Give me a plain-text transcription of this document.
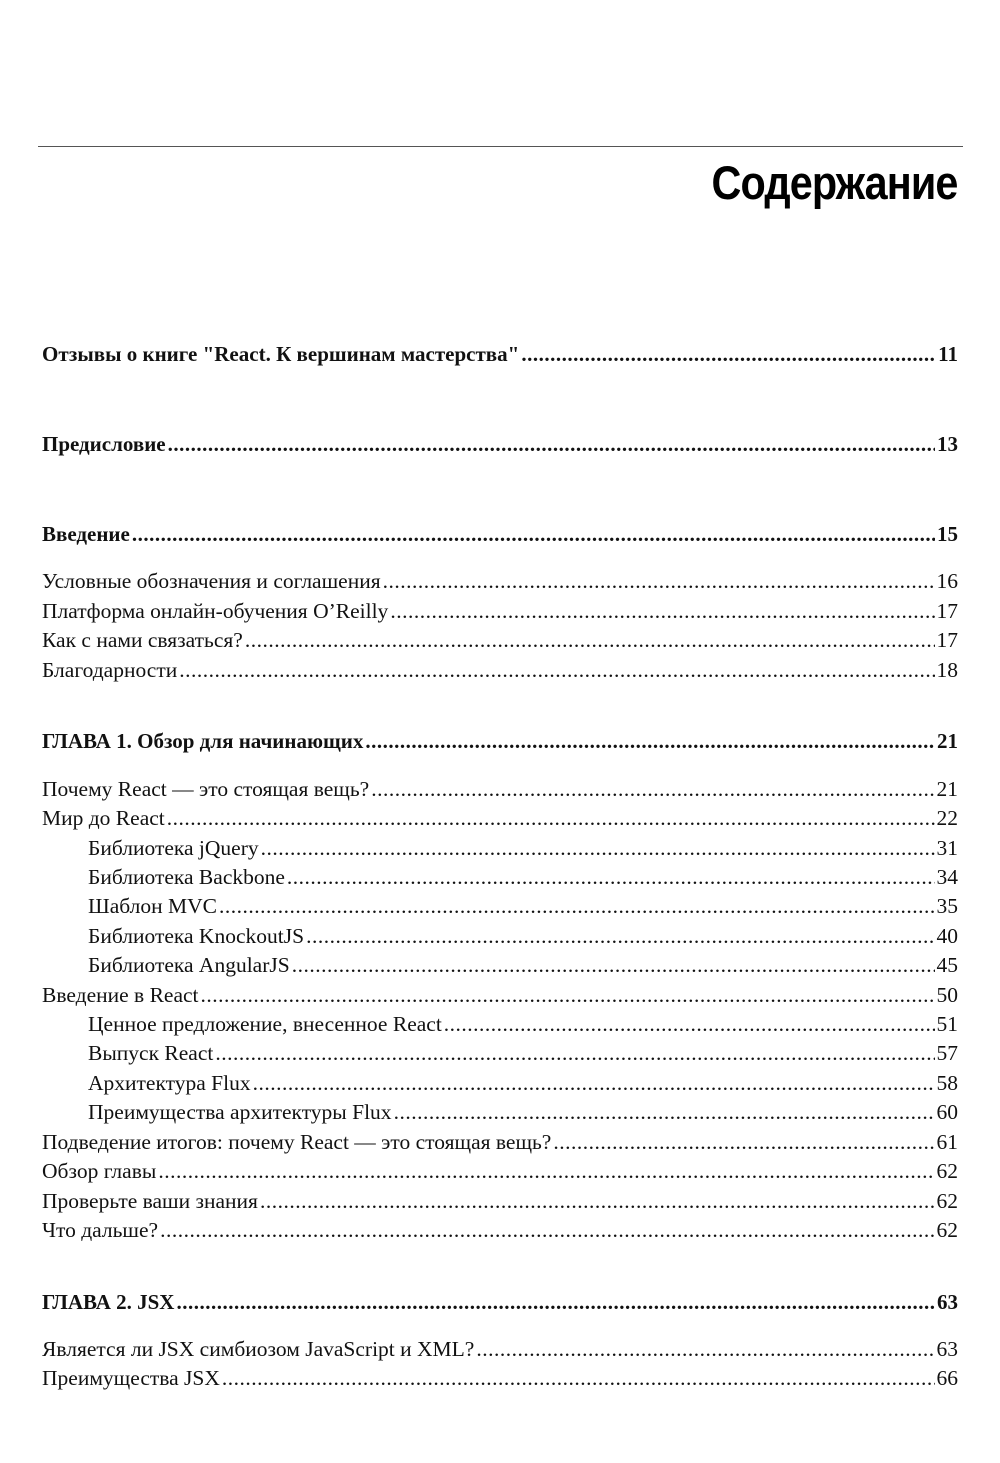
Содержание
Отзывы о книге "React. К вершинам мастерства" .....	11
Предисловие .....	13
Введение .....	15
Условные обозначения и соглашения .....	16
Платформа онлайн-обучения O’Reilly .....	17
Как с нами связаться? .....	17
Благодарности .....	18
ГЛАВА 1. Обзор для начинающих .....	21
Почему React — это стоящая вещь? .....	21
Мир до React .....	22
Библиотека jQuery .....	31
Библиотека Backbone .....	34
Шаблон MVC .....	35
Библиотека KnockoutJS .....	40
Библиотека AngularJS .....	45
Введение в React .....	50
Ценное предложение, внесенное React .....	51
Выпуск React .....	57
Архитектура Flux .....	58
Преимущества архитектуры Flux .....	60
Подведение итогов: почему React — это стоящая вещь? .....	61
Обзор главы .....	62
Проверьте ваши знания .....	62
Что дальше? .....	62
ГЛАВА 2. JSX .....	63
Является ли JSX симбиозом JavaScript и XML? .....	63
Преимущества JSX .....	66
